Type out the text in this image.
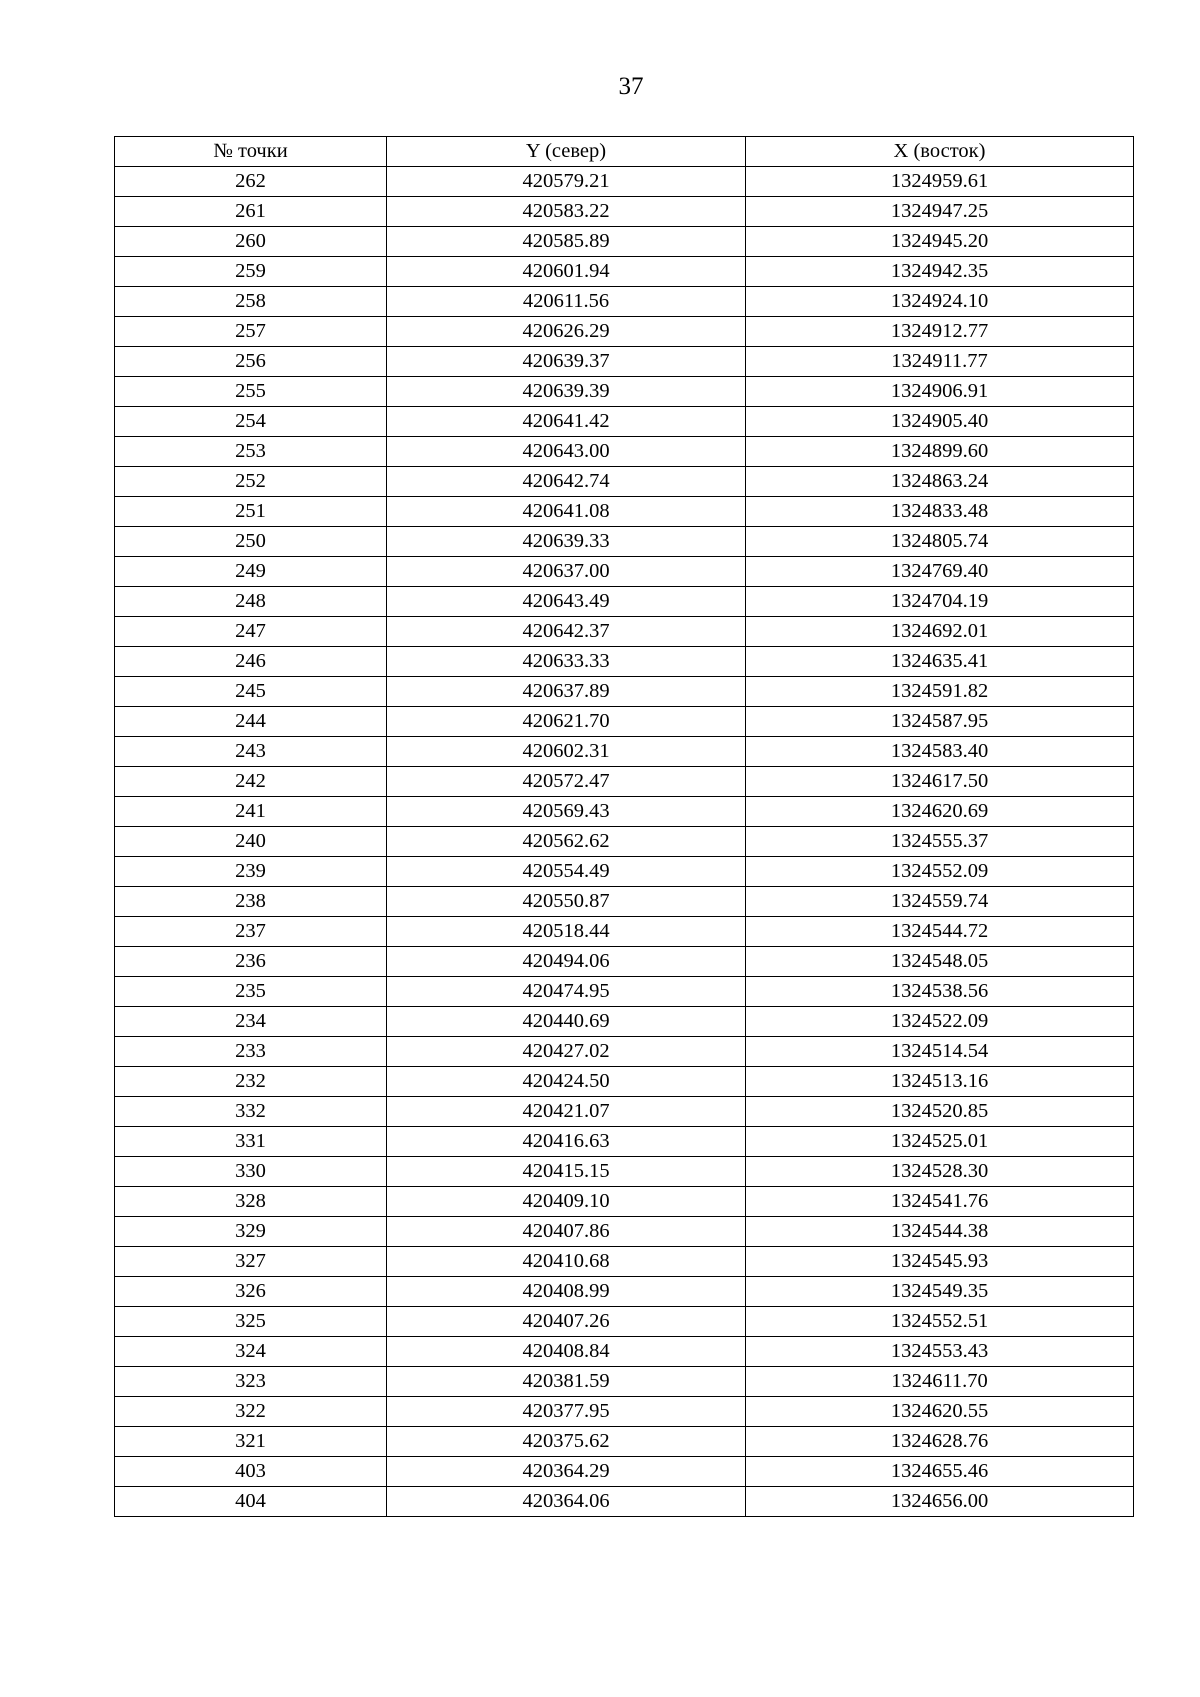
37
№ точки	Y (север)	X (восток)
262	420579.21	1324959.61
261	420583.22	1324947.25
260	420585.89	1324945.20
259	420601.94	1324942.35
258	420611.56	1324924.10
257	420626.29	1324912.77
256	420639.37	1324911.77
255	420639.39	1324906.91
254	420641.42	1324905.40
253	420643.00	1324899.60
252	420642.74	1324863.24
251	420641.08	1324833.48
250	420639.33	1324805.74
249	420637.00	1324769.40
248	420643.49	1324704.19
247	420642.37	1324692.01
246	420633.33	1324635.41
245	420637.89	1324591.82
244	420621.70	1324587.95
243	420602.31	1324583.40
242	420572.47	1324617.50
241	420569.43	1324620.69
240	420562.62	1324555.37
239	420554.49	1324552.09
238	420550.87	1324559.74
237	420518.44	1324544.72
236	420494.06	1324548.05
235	420474.95	1324538.56
234	420440.69	1324522.09
233	420427.02	1324514.54
232	420424.50	1324513.16
332	420421.07	1324520.85
331	420416.63	1324525.01
330	420415.15	1324528.30
328	420409.10	1324541.76
329	420407.86	1324544.38
327	420410.68	1324545.93
326	420408.99	1324549.35
325	420407.26	1324552.51
324	420408.84	1324553.43
323	420381.59	1324611.70
322	420377.95	1324620.55
321	420375.62	1324628.76
403	420364.29	1324655.46
404	420364.06	1324656.00
